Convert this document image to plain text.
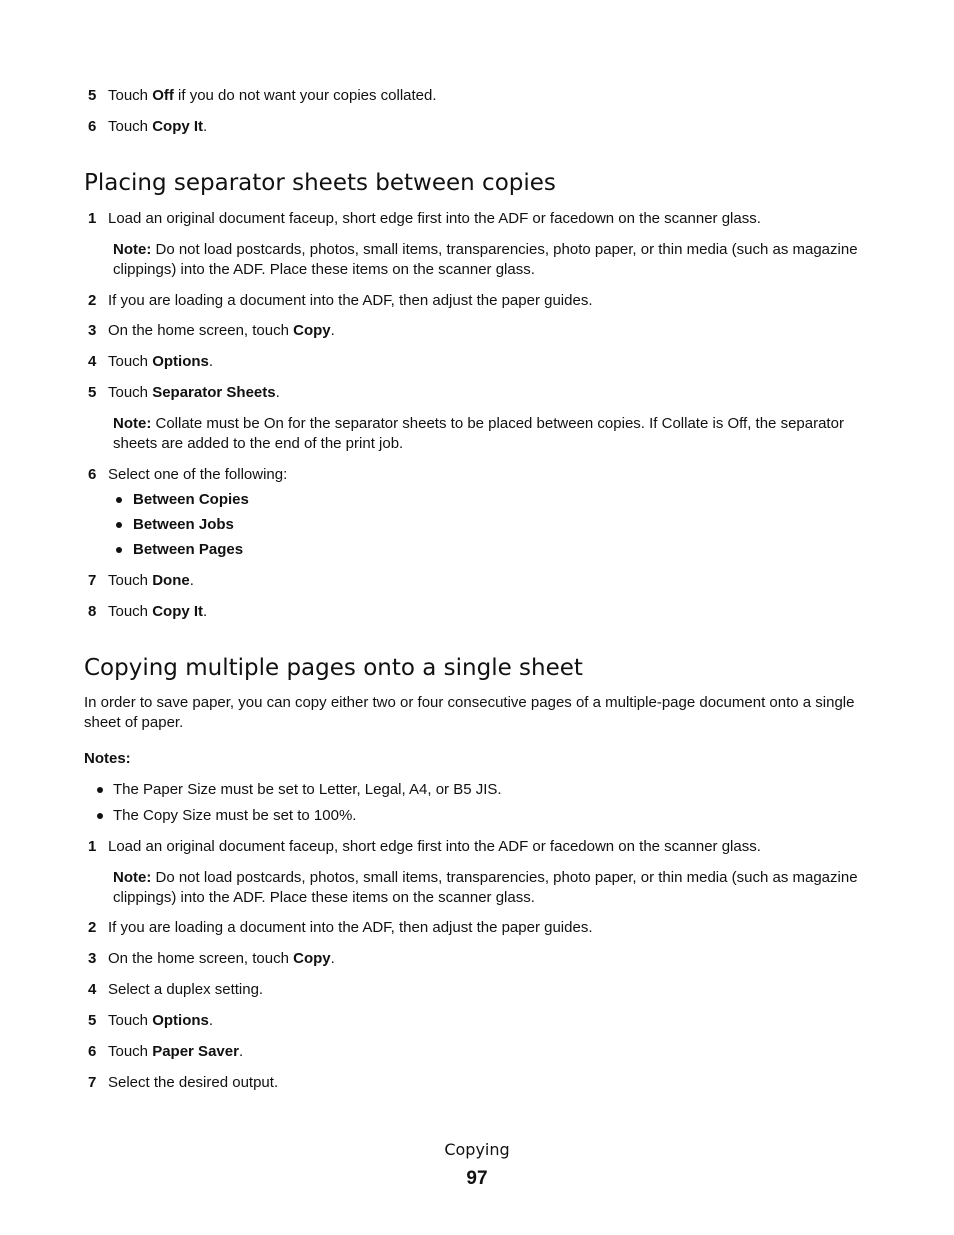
5 Touch Off if you do not want your copies collated.
6 Touch Copy It.
Placing separator sheets between copies
1 Load an original document faceup, short edge first into the ADF or facedown on the scanner glass.
Note: Do not load postcards, photos, small items, transparencies, photo paper, or thin media (such as magazine
clippings) into the ADF. Place these items on the scanner glass.
2 If you are loading a document into the ADF, then adjust the paper guides.
3 On the home screen, touch Copy.
4 Touch Options.
5 Touch Separator Sheets.
Note: Collate must be On for the separator sheets to be placed between copies. If Collate is Off, the separator
sheets are added to the end of the print job.
6 Select one of the following:
Between Copies
Between Jobs
Between Pages
7 Touch Done.
8 Touch Copy It.
Copying multiple pages onto a single sheet
In order to save paper, you can copy either two or four consecutive pages of a multiple-page document onto a single
sheet of paper.
Notes:
The Paper Size must be set to Letter, Legal, A4, or B5 JIS.
The Copy Size must be set to 100%.
1 Load an original document faceup, short edge first into the ADF or facedown on the scanner glass.
Note: Do not load postcards, photos, small items, transparencies, photo paper, or thin media (such as magazine
clippings) into the ADF. Place these items on the scanner glass.
2 If you are loading a document into the ADF, then adjust the paper guides.
3 On the home screen, touch Copy.
4 Select a duplex setting.
5 Touch Options.
6 Touch Paper Saver.
7 Select the desired output.
Copying
97
